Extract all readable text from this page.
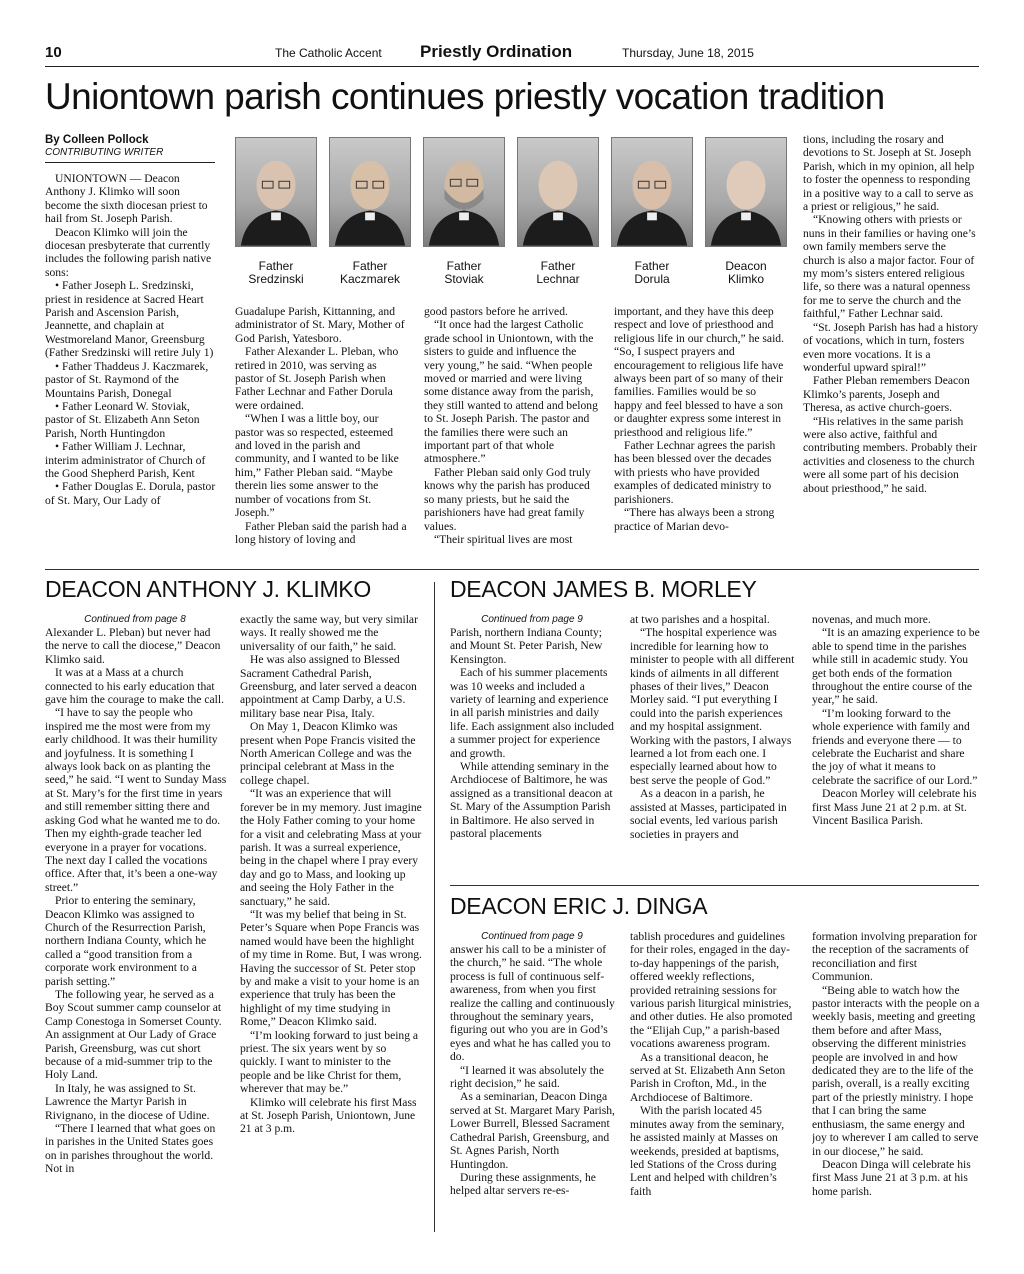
10	The Catholic Accent Priestly Ordination	Thursday, June 18, 2015
Uniontown parish continues priestly vocation tradition
By Colleen Pollock
CONTRIBUTING WRITER

UNIONTOWN — Deacon Anthony J. Klimko will soon become the sixth diocesan priest to hail from St. Joseph Parish.

Deacon Klimko will join the diocesan presbyterate that currently includes the following parish native sons:

• Father Joseph L. Sredzinski, priest in residence at Sacred Heart Parish and Ascension Parish, Jeannette, and chaplain at Westmoreland Manor, Greensburg (Father Sredzinski will retire July 1)

• Father Thaddeus J. Kaczmarek, pastor of St. Raymond of the Mountains Parish, Donegal

• Father Leonard W. Stoviak, pastor of St. Elizabeth Ann Seton Parish, North Huntingdon

• Father William J. Lechnar, interim administrator of Church of the Good Shepherd Parish, Kent

• Father Douglas E. Dorula, pastor of St. Mary, Our Lady of

Father
Sredzinski
Father
Kaczmarek
Father
Stoviak
Father
Lechnar
Father
Dorula
Deacon
Klimko

Guadalupe Parish, Kittanning, and administrator of St. Mary, Mother of God Parish, Yatesboro.

Father Alexander L. Pleban, who retired in 2010, was serving as pastor of St. Joseph Parish when Father Lechnar and Father Dorula were ordained.

“When I was a little boy, our pastor was so respected, esteemed and loved in the parish and community, and I wanted to be like him,” Father Pleban said. “Maybe therein lies some answer to the number of vocations from St. Joseph.”

Father Pleban said the parish had a long history of loving and

good pastors before he arrived.

“It once had the largest Catholic grade school in Uniontown, with the sisters to guide and influence the very young,” he said. “When people moved or married and were living some distance away from the parish, they still wanted to attend and belong to St. Joseph Parish. The pastor and the families there were such an important part of that whole atmosphere.”

Father Pleban said only God truly knows why the parish has produced so many priests, but he said the parishioners have had great family values.

“Their spiritual lives are most

important, and they have this deep respect and love of priesthood and religious life in our church,” he said. “So, I suspect prayers and encouragement to religious life have always been part of so many of their families. Families would be so happy and feel blessed to have a son or daughter express some interest in priesthood and religious life.”

Father Lechnar agrees the parish has been blessed over the decades with priests who have provided examples of dedicated ministry to parishioners.

“There has always been a strong practice of Marian devo-

tions, including the rosary and devotions to St. Joseph at St. Joseph Parish, which in my opinion, all help to foster the openness to responding in a positive way to a call to serve as a priest or religious,” he said.

“Knowing others with priests or nuns in their families or having one’s own family members serve the church is also a major factor. Four of my mom’s sisters entered religious life, so there was a natural openness for me to serve the church and the faithful,” Father Lechnar said.

“St. Joseph Parish has had a history of vocations, which in turn, fosters even more vocations. It is a wonderful upward spiral!”

Father Pleban remembers Deacon Klimko’s parents, Joseph and Theresa, as active church-goers.

“His relatives in the same parish were also active, faithful and contributing members. Probably their activities and closeness to the church were all some part of his decision about priesthood,” he said.

DEACON ANTHONY J. KLIMKO
Continued from page 8

Alexander L. Pleban) but never had the nerve to call the diocese,” Deacon Klimko said.

It was at a Mass at a church connected to his early education that gave him the courage to make the call.

“I have to say the people who inspired me the most were from my early childhood. It was their humility and joyfulness. It is something I always look back on as planting the seed,” he said. “I went to Sunday Mass at St. Mary’s for the first time in years and still remember sitting there and asking God what he wanted me to do. Then my eighth-grade teacher led everyone in a prayer for vocations. The next day I called the vocations office. After that, it’s been a one-way street.”

Prior to entering the seminary, Deacon Klimko was assigned to Church of the Resurrection Parish, northern Indiana County, which he called a “good transition from a corporate work environment to a parish setting.”

The following year, he served as a Boy Scout summer camp counselor at Camp Conestoga in Somerset County. An assignment at Our Lady of Grace Parish, Greensburg, was cut short because of a mid-summer trip to the Holy Land.

In Italy, he was assigned to St. Lawrence the Martyr Parish in Rivignano, in the diocese of Udine.

“There I learned that what goes on in parishes in the United States goes on in parishes throughout the world. Not in

exactly the same way, but very similar ways. It really showed me the universality of our faith,” he said.

He was also assigned to Blessed Sacrament Cathedral Parish, Greensburg, and later served a deacon appointment at Camp Darby, a U.S. military base near Pisa, Italy.

On May 1, Deacon Klimko was present when Pope Francis visited the North American College and was the principal celebrant at Mass in the college chapel.

“It was an experience that will forever be in my memory. Just imagine the Holy Father coming to your home for a visit and celebrating Mass at your parish. It was a surreal experience, being in the chapel where I pray every day and go to Mass, and looking up and seeing the Holy Father in the sanctuary,” he said.

“It was my belief that being in St. Peter’s Square when Pope Francis was named would have been the highlight of my time in Rome. But, I was wrong. Having the successor of St. Peter stop by and make a visit to your home is an experience that truly has been the highlight of my time studying in Rome,” Deacon Klimko said.

“I’m looking forward to just being a priest. The six years went by so quickly. I want to minister to the people and be like Christ for them, wherever that may be.”

Klimko will celebrate his first Mass at St. Joseph Parish, Uniontown, June 21 at 3 p.m.

DEACON JAMES B. MORLEY
Continued from page 9

Parish, northern Indiana County; and Mount St. Peter Parish, New Kensington.

Each of his summer placements was 10 weeks and included a variety of learning and experience in all parish ministries and daily life. Each assignment also included a summer project for experience and growth.

While attending seminary in the Archdiocese of Baltimore, he was assigned as a transitional deacon at St. Mary of the Assumption Parish in Baltimore. He also served in pastoral placements

at two parishes and a hospital.

“The hospital experience was incredible for learning how to minister to people with all different kinds of ailments in all different phases of their lives,” Deacon Morley said. “I put everything I could into the parish experiences and my hospital assignment. Working with the pastors, I always learned a lot from each one. I especially learned about how to best serve the people of God.”

As a deacon in a parish, he assisted at Masses, participated in social events, led various parish societies in prayers and

novenas, and much more.

“It is an amazing experience to be able to spend time in the parishes while still in academic study. You get both ends of the formation throughout the entire course of the year,” he said.

“I’m looking forward to the whole experience with family and friends and everyone there — to celebrate the Eucharist and share the joy of what it means to celebrate the sacrifice of our Lord.”

Deacon Morley will celebrate his first Mass June 21 at 2 p.m. at St. Vincent Basilica Parish.

DEACON ERIC J. DINGA
Continued from page 9

answer his call to be a minister of the church,” he said. “The whole process is full of continuous self-awareness, from when you first realize the calling and continuously throughout the seminary years, figuring out who you are in God’s eyes and what he has called you to do.

“I learned it was absolutely the right decision,” he said.

As a seminarian, Deacon Dinga served at St. Margaret Mary Parish, Lower Burrell, Blessed Sacrament Cathedral Parish, Greensburg, and St. Agnes Parish, North Huntingdon.

During these assignments, he helped altar servers re-es-

tablish procedures and guidelines for their roles, engaged in the day-to-day happenings of the parish, offered weekly reflections, provided retraining sessions for various parish liturgical ministries, and other duties. He also promoted the “Elijah Cup,” a parish-based vocations awareness program.

As a transitional deacon, he served at St. Elizabeth Ann Seton Parish in Crofton, Md., in the Archdiocese of Baltimore.

With the parish located 45 minutes away from the seminary, he assisted mainly at Masses on weekends, presided at baptisms, led Stations of the Cross during Lent and helped with children’s faith

formation involving preparation for the reception of the sacraments of reconciliation and first Communion.

“Being able to watch how the pastor interacts with the people on a weekly basis, meeting and greeting them before and after Mass, observing the different ministries people are involved in and how dedicated they are to the life of the parish, overall, is a really exciting part of the priestly ministry. I hope that I can bring the same enthusiasm, the same energy and joy to wherever I am called to serve in our diocese,” he said.

Deacon Dinga will celebrate his first Mass June 21 at 3 p.m. at his home parish.
